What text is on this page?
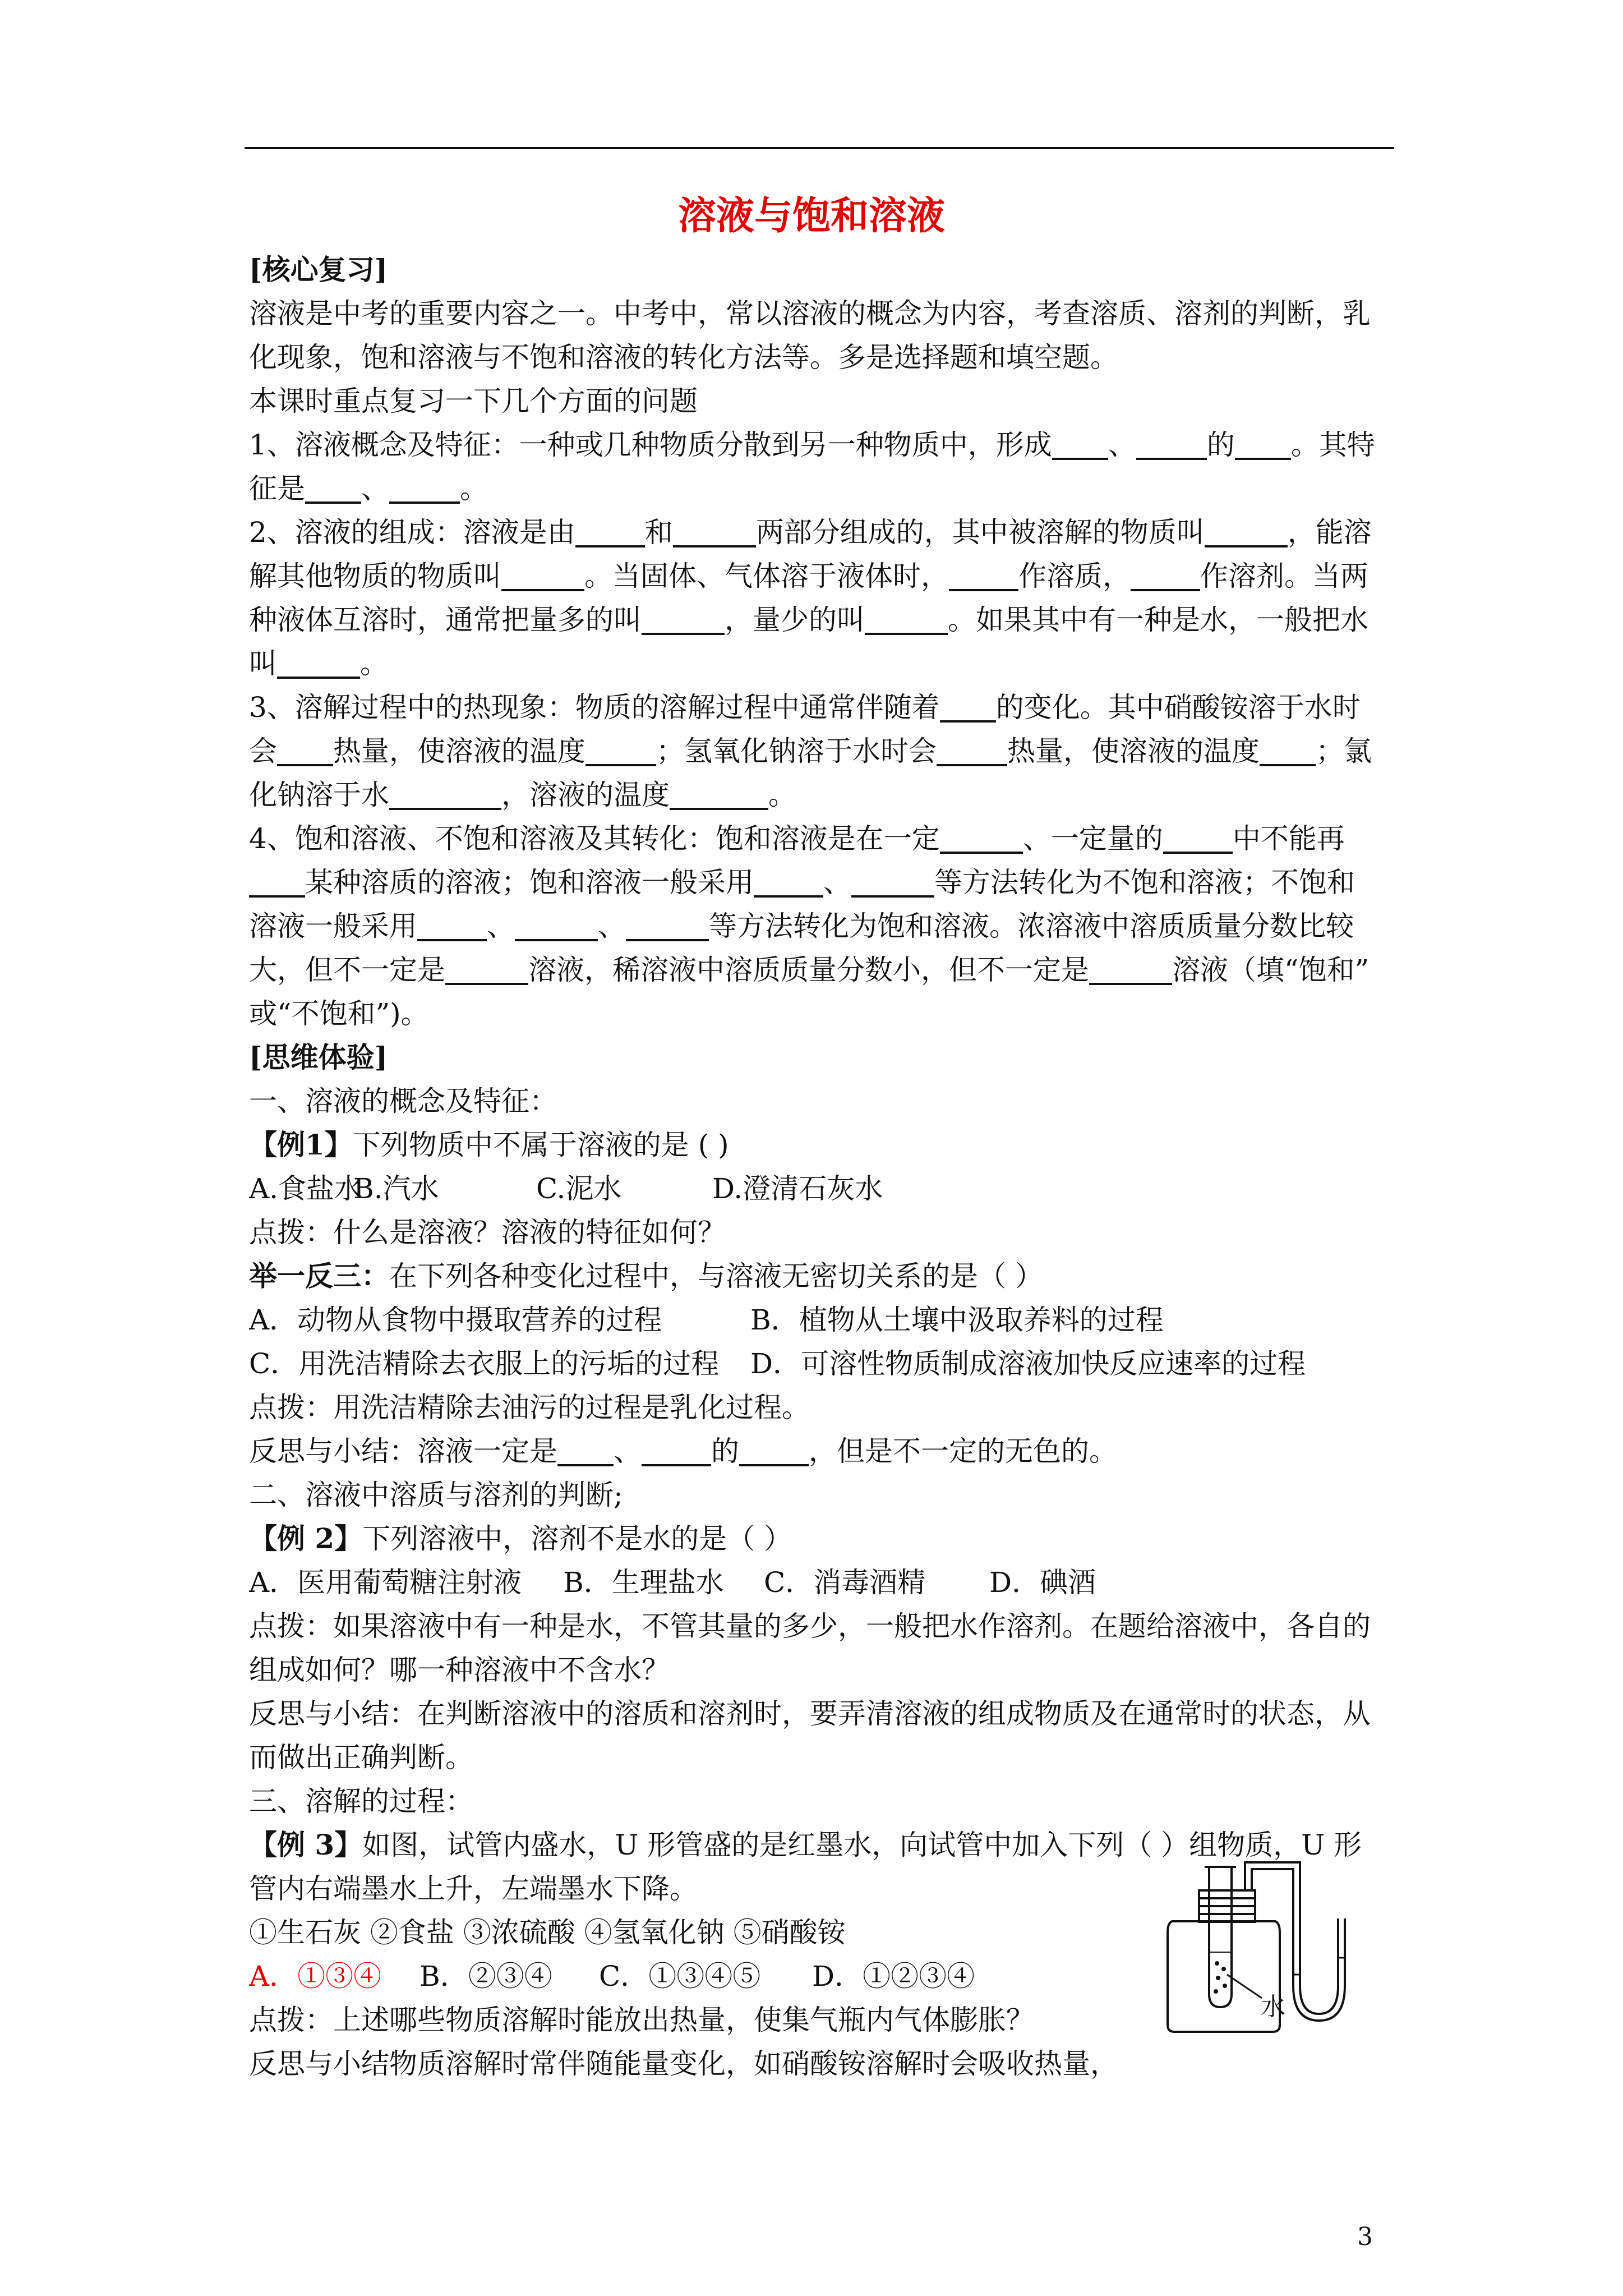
溶液与饱和溶液
[核心复习]
溶液是中考的重要内容之一。中考中，常以溶液的概念为内容，考查溶质、溶剂的判断，乳
化现象，饱和溶液与不饱和溶液的转化方法等。多是选择题和填空题。
本课时重点复习一下几个方面的问题
1、溶液概念及特征：一种或几种物质分散到另一种物质中，形成 、	的 。其特
征是 、	。
2、溶液的组成：溶液是由 和	两部分组成的，其中被溶解的物质叫	，能溶
解其他物质的物质叫	。当固体、气体溶于液体时， 作溶质， 作溶剂。当两
种液体互溶时，通常把量多的叫	，量少的叫	。如果其中有一种是水，一般把水
叫	。
3、溶解过程中的热现象：物质的溶解过程中通常伴随着 的变化。其中硝酸铵溶于水时
会 热量，使溶液的温度	；氢氧化钠溶于水时会	热量，使溶液的温度 ；氯
化钠溶于水	，溶液的温度	。
4、饱和溶液、不饱和溶液及其转化：饱和溶液是在一定	、一定量的 中不能再
某种溶质的溶液；饱和溶液一般采用 、	等方法转化为不饱和溶液；不饱和
溶液一般采用 、	、	等方法转化为饱和溶液。浓溶液中溶质质量分数比较
大，但不一定是	溶液，稀溶液中溶质质量分数小，但不一定是	溶液（填“饱和”
或“不饱和”)。
[思维体验]
一、溶液的概念及特征：
【例1】下列物质中不属于溶液的是 ( )
A.食盐水B.汽水	C.泥水	D.澄清石灰水
点拨：什么是溶液？溶液的特征如何？
举一反三：在下列各种变化过程中，与溶液无密切关系的是（ ）
A．动物从食物中摄取营养的过程	B．植物从土壤中汲取养料的过程
C．用洗洁精除去衣服上的污垢的过程 D．可溶性物质制成溶液加快反应速率的过程
点拨：用洗洁精除去油污的过程是乳化过程。
反思与小结：溶液一定是 、 的 ，但是不一定的无色的。
二、溶液中溶质与溶剂的判断;
【例 2】下列溶液中，溶剂不是水的是（ ）
A．医用葡萄糖注射液 B．生理盐水 C．消毒酒精 D．碘酒
点拨：如果溶液中有一种是水，不管其量的多少，一般把水作溶剂。在题给溶液中，各自的
组成如何？哪一种溶液中不含水？
反思与小结：在判断溶液中的溶质和溶剂时，要弄清溶液的组成物质及在通常时的状态，从
而做出正确判断。
三、溶解的过程：
【例 3】如图，试管内盛水，U 形管盛的是红墨水，向试管中加入下列（ ）组物质，U 形
管内右端墨水上升，左端墨水下降。
①生石灰 ②食盐 ③浓硫酸 ④氢氧化钠 ⑤硝酸铵
A．①③④ B．②③④ C．①③④⑤ D．①②③④
点拨：上述哪些物质溶解时能放出热量，使集气瓶内气体膨胀？
反思与小结物质溶解时常伴随能量变化，如硝酸铵溶解时会吸收热量，
水
3
